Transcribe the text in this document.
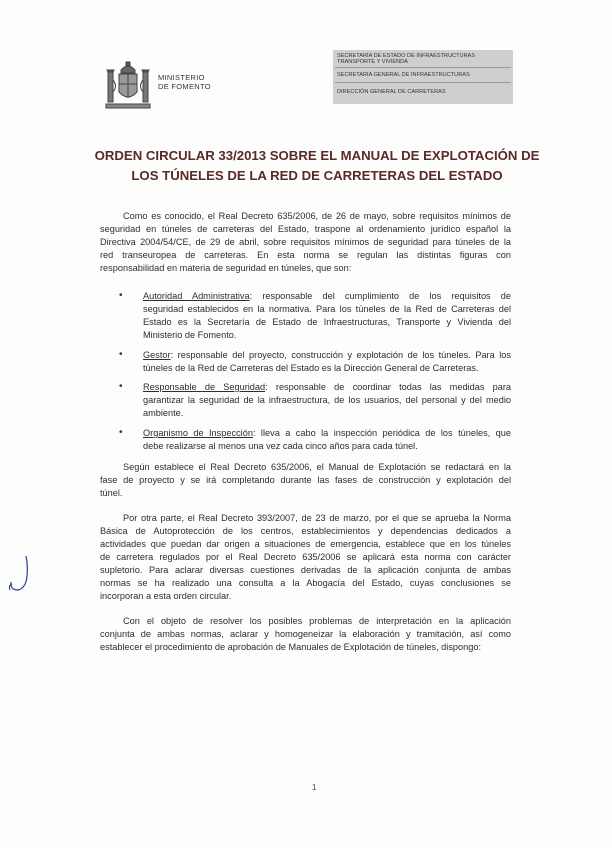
MINISTERIO
DE FOMENTO
SECRETARÍA DE ESTADO DE INFRAESTRUCTURAS
TRANSPORTE Y VIVIENDA
SECRETARÍA GENERAL DE INFRAESTRUCTURAS
DIRECCIÓN GENERAL DE CARRETERAS
ORDEN CIRCULAR 33/2013 SOBRE EL MANUAL DE EXPLOTACIÓN DE
LOS TÚNELES DE LA RED DE CARRETERAS DEL ESTADO
Como es conocido, el Real Decreto 635/2006, de 26 de mayo, sobre requisitos mínimos de
seguridad en túneles de carreteras del Estado, traspone al ordenamiento jurídico español la
Directiva 2004/54/CE, de 29 de abril, sobre requisitos mínimos de seguridad para túneles de la
red transeuropea de carreteras. En esta norma se regulan las distintas figuras con
responsabilidad en materia de seguridad en túneles, que son:
• Autoridad Administrativa: responsable del cumplimiento de los requisitos de
seguridad establecidos en la normativa. Para los túneles de la Red de Carreteras del
Estado es la Secretaría de Estado de Infraestructuras, Transporte y Vivienda del
Ministerio de Fomento.
• Gestor: responsable del proyecto, construcción y explotación de los túneles. Para los
túneles de la Red de Carreteras del Estado es la Dirección General de Carreteras.
• Responsable de Seguridad: responsable de coordinar todas las medidas para
garantizar la seguridad de la infraestructura, de los usuarios, del personal y del medio
ambiente.
• Organismo de Inspección: lleva a cabo la inspección periódica de los túneles, que
debe realizarse al menos una vez cada cinco años para cada túnel.
Según establece el Real Decreto 635/2006, el Manual de Explotación se redactará en la
fase de proyecto y se irá completando durante las fases de construcción y explotación del
túnel.
Por otra parte, el Real Decreto 393/2007, de 23 de marzo, por el que se aprueba la Norma
Básica de Autoprotección de los centros, establecimientos y dependencias dedicados a
actividades que puedan dar origen a situaciones de emergencia, establece que en los túneles
de carretera regulados por el Real Decreto 635/2006 se aplicará esta norma con carácter
supletorio. Para aclarar diversas cuestiones derivadas de la aplicación conjunta de ambas
normas se ha realizado una consulta a la Abogacía del Estado, cuyas conclusiones se
incorporan a esta orden circular.
Con el objeto de resolver los posibles problemas de interpretación en la aplicación
conjunta de ambas normas, aclarar y homogeneizar la elaboración y tramitación, así como
establecer el procedimiento de aprobación de Manuales de Explotación de túneles, dispongo:
1
